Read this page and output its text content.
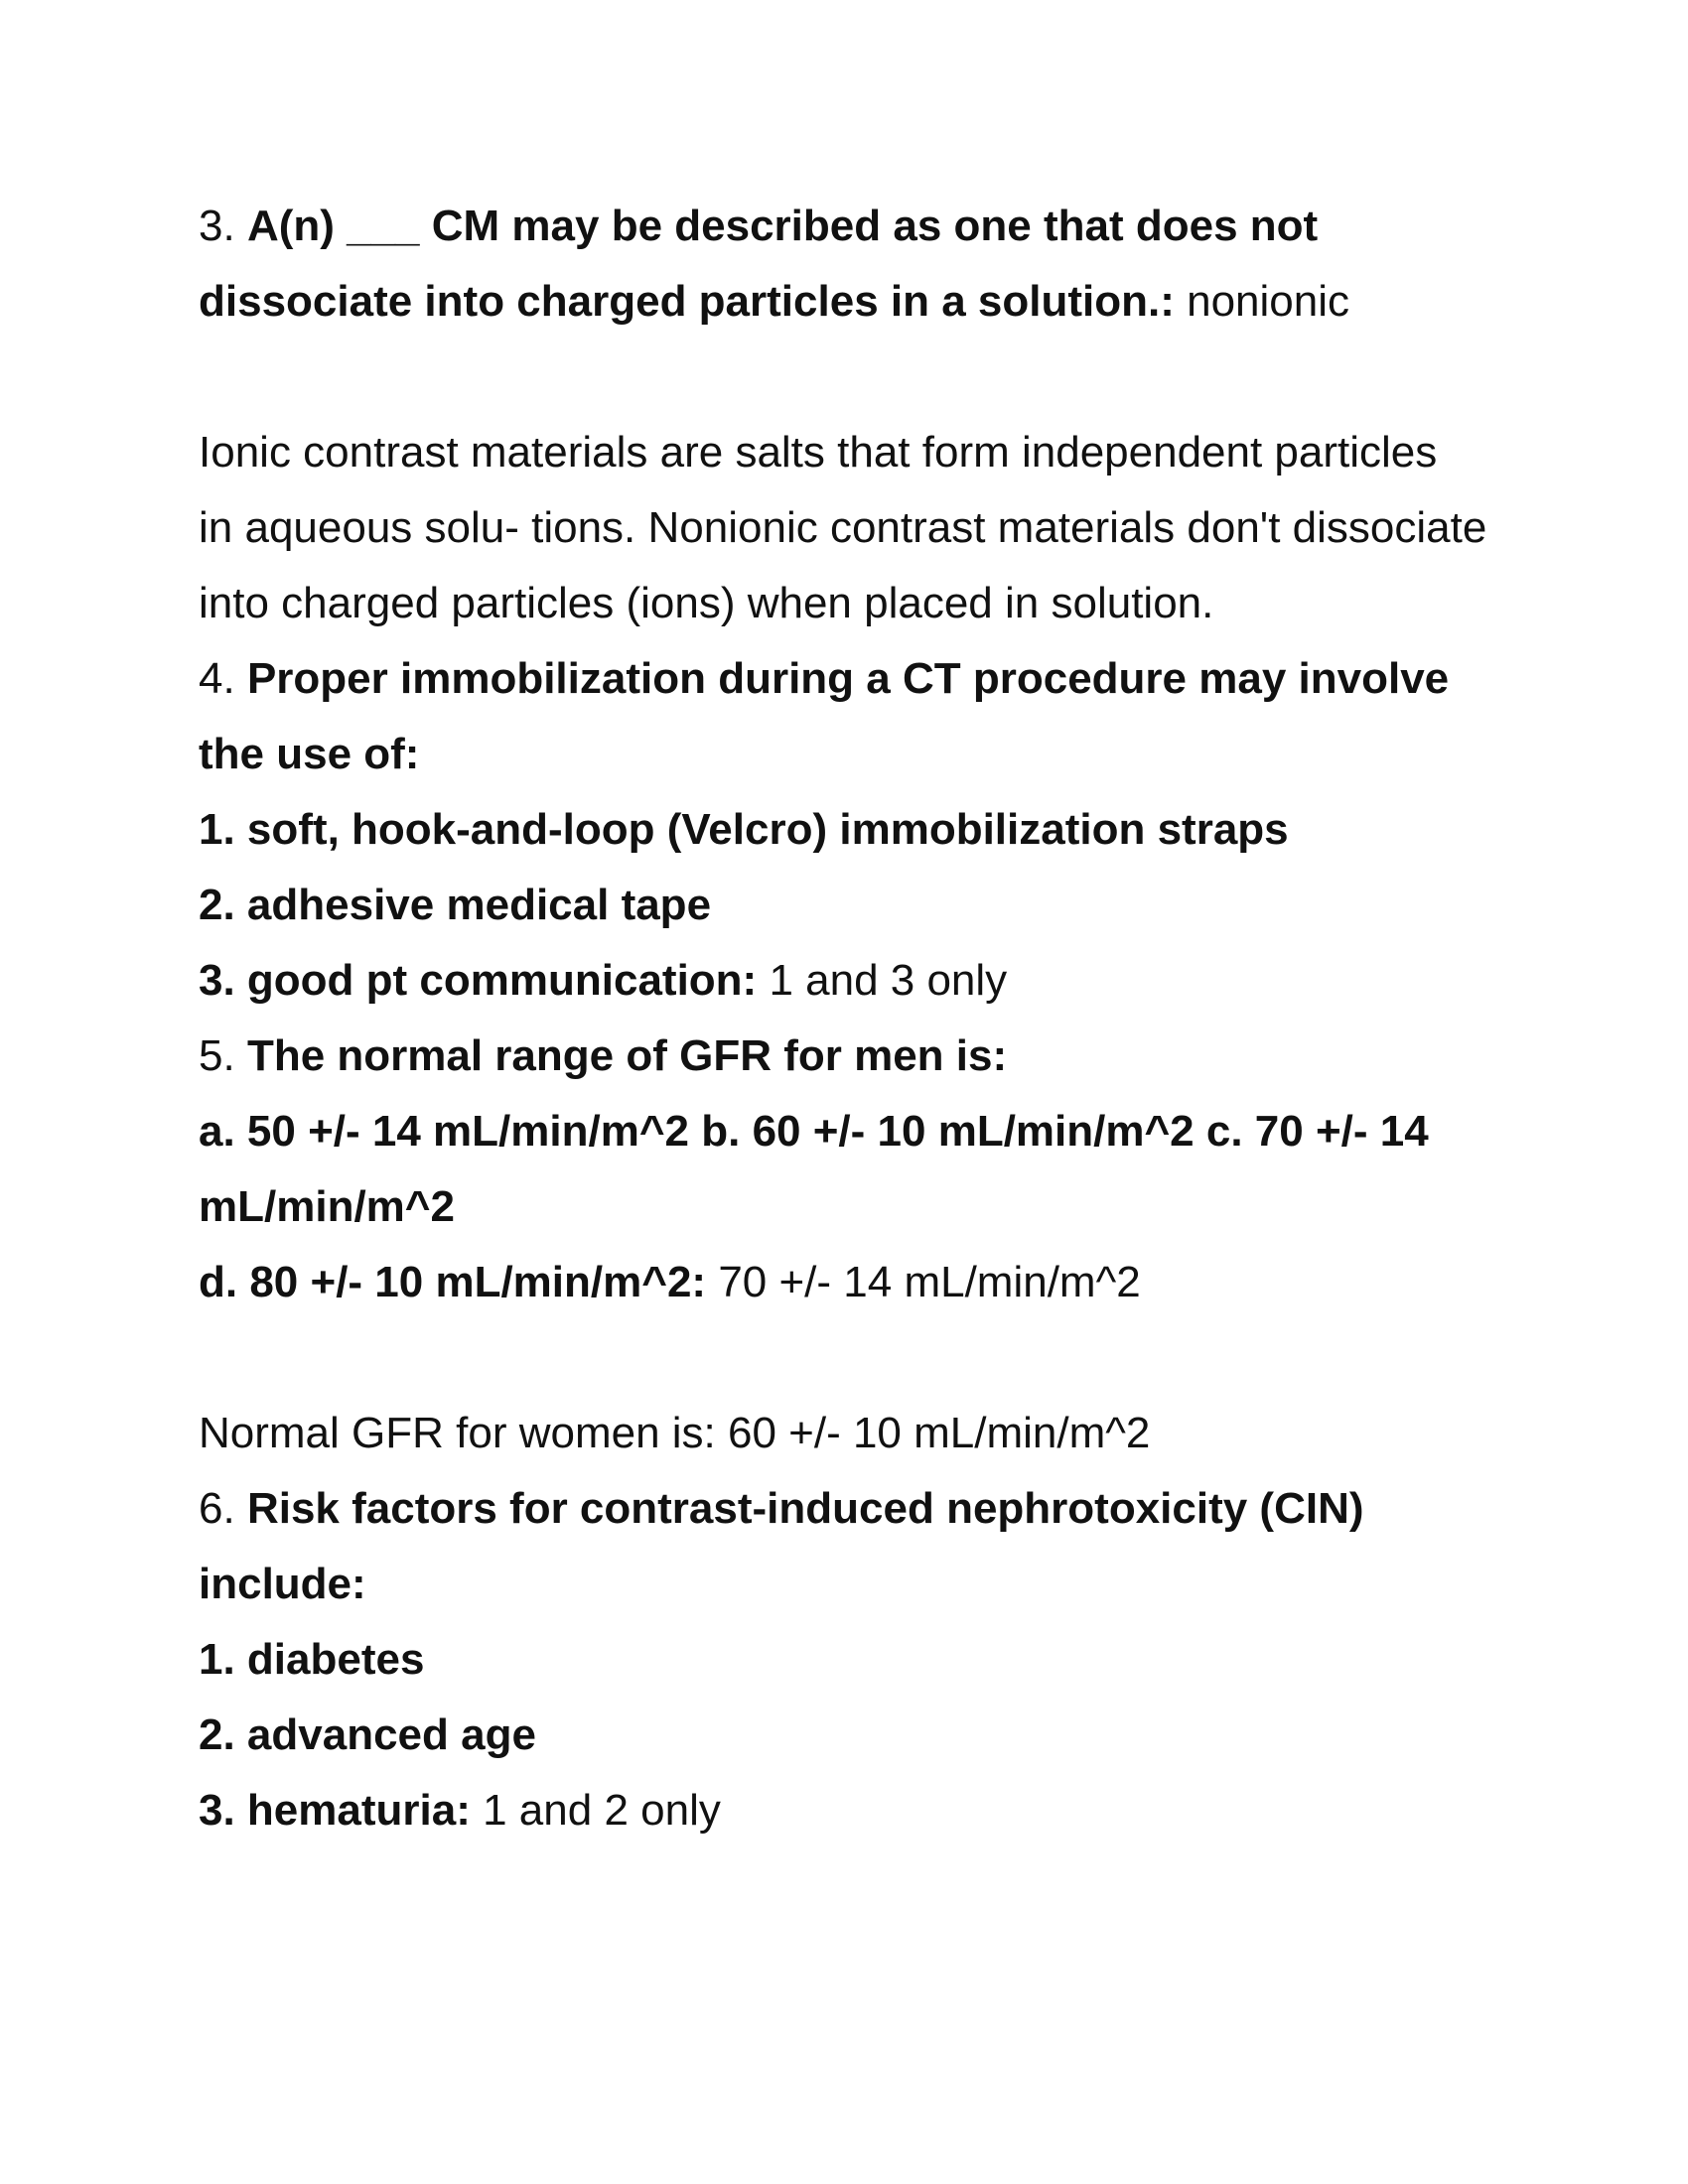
3. A(n) ___ CM may be described as one that does not
dissociate into charged particles in a solution.: nonionic
Ionic contrast materials are salts that form independent particles
in aqueous solu- tions. Nonionic contrast materials don't dissociate
into charged particles (ions) when placed in solution.
4. Proper immobilization during a CT procedure may involve
the use of:
1. soft, hook-and-loop (Velcro) immobilization straps
2. adhesive medical tape
3. good pt communication: 1 and 3 only
5. The normal range of GFR for men is:
a. 50 +/- 14 mL/min/m^2 b. 60 +/- 10 mL/min/m^2 c. 70 +/- 14
mL/min/m^2
d. 80 +/- 10 mL/min/m^2: 70 +/- 14 mL/min/m^2
Normal GFR for women is: 60 +/- 10 mL/min/m^2
6. Risk factors for contrast-induced nephrotoxicity (CIN)
include:
1. diabetes
2. advanced age
3. hematuria: 1 and 2 only
